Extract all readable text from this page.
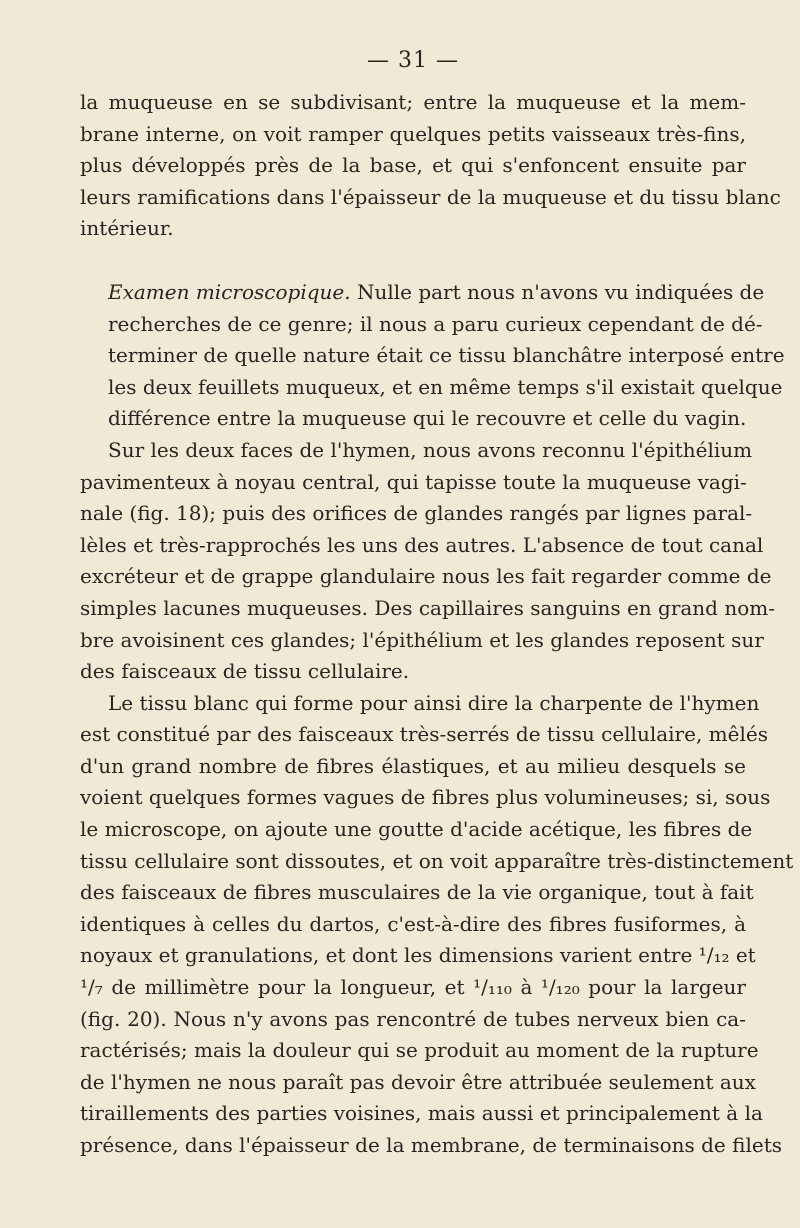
— 31 —

la muqueuse en se subdivisant; entre la muqueuse et la mem-
brane interne, on voit ramper quelques petits vaisseaux très-fins,
plus développés près de la base, et qui s'enfoncent ensuite par
leurs ramifications dans l'épaisseur de la muqueuse et du tissu blanc
intérieur.

Examen microscopique. Nulle part nous n'avons vu indiquées de
recherches de ce genre; il nous a paru curieux cependant de dé-
terminer de quelle nature était ce tissu blanchâtre interposé entre
les deux feuillets muqueux, et en même temps s'il existait quelque
différence entre la muqueuse qui le recouvre et celle du vagin.

Sur les deux faces de l'hymen, nous avons reconnu l'épithélium
pavimenteux à noyau central, qui tapisse toute la muqueuse vagi-
nale (fig. 18); puis des orifices de glandes rangés par lignes paral-
lèles et très-rapprochés les uns des autres. L'absence de tout canal
excréteur et de grappe glandulaire nous les fait regarder comme de
simples lacunes muqueuses. Des capillaires sanguins en grand nom-
bre avoisinent ces glandes; l'épithélium et les glandes reposent sur
des faisceaux de tissu cellulaire.

Le tissu blanc qui forme pour ainsi dire la charpente de l'hymen
est constitué par des faisceaux très-serrés de tissu cellulaire, mêlés
d'un grand nombre de fibres élastiques, et au milieu desquels se
voient quelques formes vagues de fibres plus volumineuses; si, sous
le microscope, on ajoute une goutte d'acide acétique, les fibres de
tissu cellulaire sont dissoutes, et on voit apparaître très-distinctement
des faisceaux de fibres musculaires de la vie organique, tout à fait
identiques à celles du dartos, c'est-à-dire des fibres fusiformes, à
noyaux et granulations, et dont les dimensions varient entre ¹/₁₂ et
¹/₇ de millimètre pour la longueur, et ¹/₁₁₀ à ¹/₁₂₀ pour la largeur
(fig. 20). Nous n'y avons pas rencontré de tubes nerveux bien ca-
ractérisés; mais la douleur qui se produit au moment de la rupture
de l'hymen ne nous paraît pas devoir être attribuée seulement aux
tiraillements des parties voisines, mais aussi et principalement à la
présence, dans l'épaisseur de la membrane, de terminaisons de filets
